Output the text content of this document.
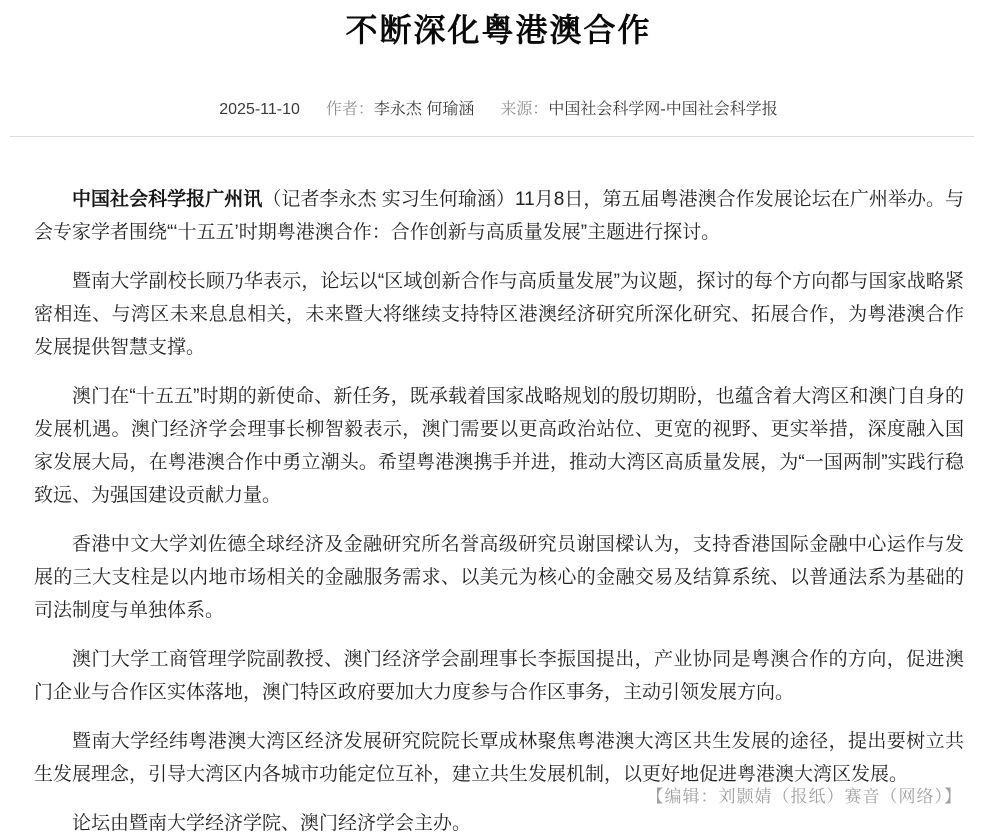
不断深化粤港澳合作
2025-11-10 作者： 李永杰 何瑜涵 来源： 中国社会科学网-中国社会科学报

中国社会科学报广州讯（记者李永杰 实习生何瑜涵）11月8日，第五届粤港澳合作发展论坛在广州举办。与会专家学者围绕“‘十五五’时期粤港澳合作：合作创新与高质量发展”主题进行探讨。

暨南大学副校长顾乃华表示，论坛以“区域创新合作与高质量发展”为议题，探讨的每个方向都与国家战略紧密相连、与湾区未来息息相关，未来暨大将继续支持特区港澳经济研究所深化研究、拓展合作，为粤港澳合作发展提供智慧支撑。

澳门在“十五五”时期的新使命、新任务，既承载着国家战略规划的殷切期盼，也蕴含着大湾区和澳门自身的发展机遇。澳门经济学会理事长柳智毅表示，澳门需要以更高政治站位、更宽的视野、更实举措，深度融入国家发展大局，在粤港澳合作中勇立潮头。希望粤港澳携手并进，推动大湾区高质量发展，为“一国两制”实践行稳致远、为强国建设贡献力量。

香港中文大学刘佐德全球经济及金融研究所名誉高级研究员谢国樑认为，支持香港国际金融中心运作与发展的三大支柱是以内地市场相关的金融服务需求、以美元为核心的金融交易及结算系统、以普通法系为基础的司法制度与单独体系。

澳门大学工商管理学院副教授、澳门经济学会副理事长李振国提出，产业协同是粤澳合作的方向，促进澳门企业与合作区实体落地，澳门特区政府要加大力度参与合作区事务，主动引领发展方向。

暨南大学经纬粤港澳大湾区经济发展研究院院长覃成林聚焦粤港澳大湾区共生发展的途径，提出要树立共生发展理念，引导大湾区内各城市功能定位互补，建立共生发展机制，以更好地促进粤港澳大湾区发展。

论坛由暨南大学经济学院、澳门经济学会主办。

【编辑：刘颢婧（报纸）赛音（网络）】
